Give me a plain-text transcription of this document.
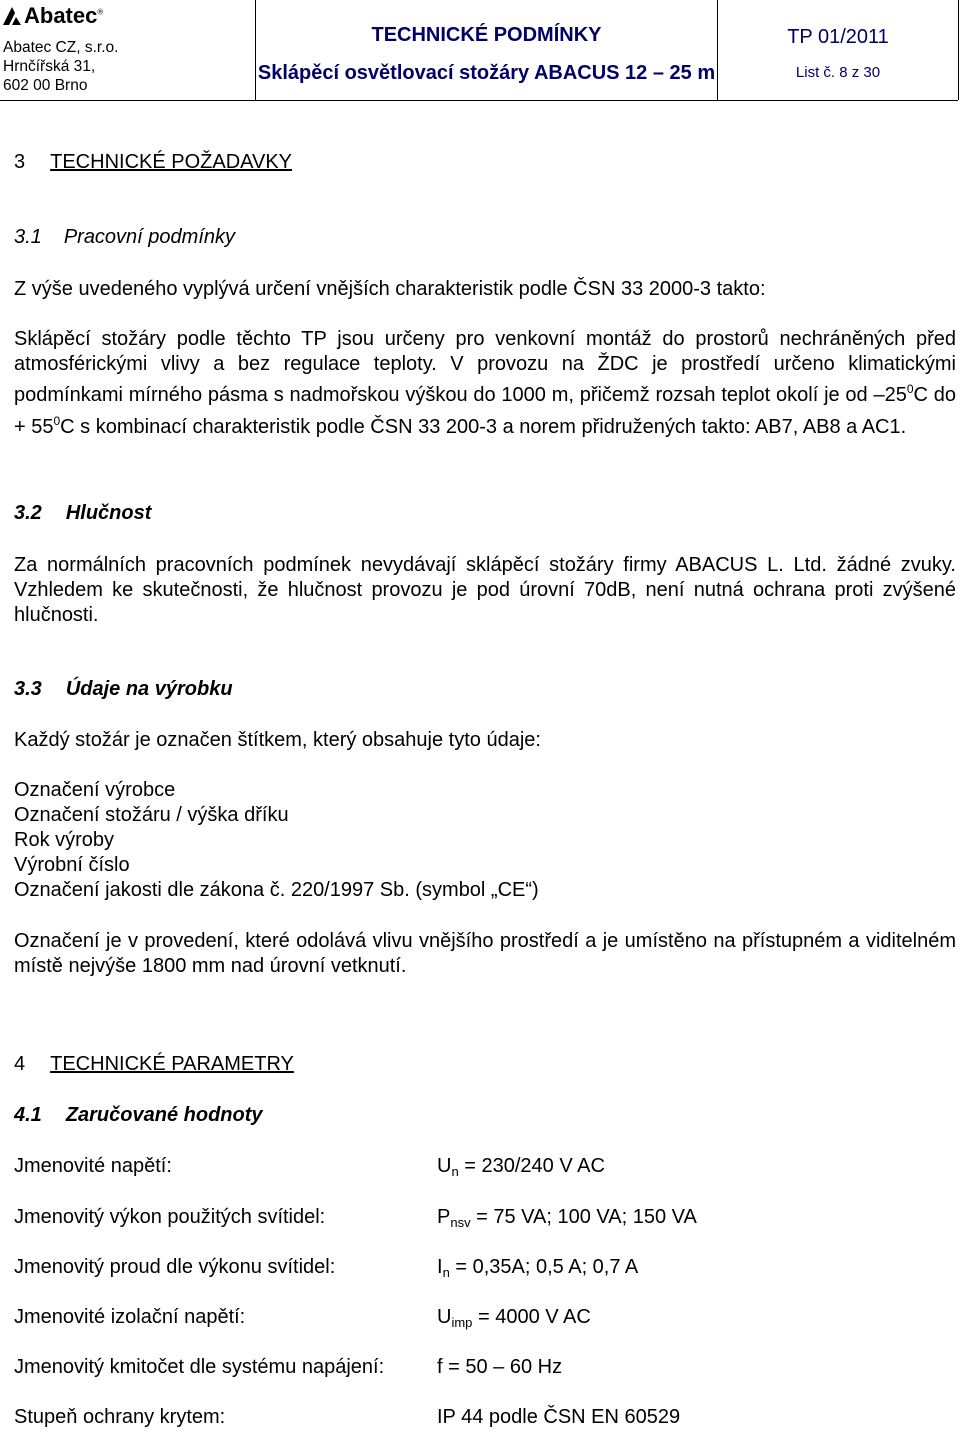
Abatec®
Abatec CZ, s.r.o.
Hrnčířská 31,
602 00 Brno
TECHNICKÉ PODMÍNKY
Sklápěcí osvětlovací stožáry ABACUS 12 – 25 m
TP 01/2011
List č. 8 z 30
3 TECHNICKÉ POŽADAVKY
3.1 Pracovní podmínky
Z výše uvedeného vyplývá určení vnějších charakteristik podle ČSN 33 2000-3 takto:
Sklápěcí stožáry podle těchto TP jsou určeny pro venkovní montáž do prostorů nechráněných před atmosférickými vlivy a bez regulace teploty. V provozu na ŽDC je prostředí určeno klimatickými podmínkami mírného pásma s nadmořskou výškou do 1000 m, přičemž rozsah teplot okolí je od $-25^0C$ do + $55^0C$ s kombinací charakteristik podle ČSN 33 200-3 a norem přidružených takto: AB7, AB8 a AC1.
3.2 Hlučnost
Za normálních pracovních podmínek nevydávají sklápěcí stožáry firmy ABACUS L. Ltd. žádné zvuky. Vzhledem ke skutečnosti, že hlučnost provozu je pod úrovní 70dB, není nutná ochrana proti zvýšené hlučnosti.
3.3 Údaje na výrobku
Každý stožár je označen štítkem, který obsahuje tyto údaje:
Označení výrobce
Označení stožáru / výška dříku
Rok výroby
Výrobní číslo
Označení jakosti dle zákona č. 220/1997 Sb. (symbol „CE“)
Označení je v provedení, které odolává vlivu vnějšího prostředí a je umístěno na přístupném a viditelném místě nejvýše 1800 mm nad úrovní vetknutí.
4 TECHNICKÉ PARAMETRY
4.1 Zaručované hodnoty
Jmenovité napětí:	$U_n = 230/240$ V AC
Jmenovitý výkon použitých svítidel:	$P_{nsv} = 75$ VA; 100 VA; 150 VA
Jmenovitý proud dle výkonu svítidel:	$I_n = 0,35A$; 0,5 A; 0,7 A
Jmenovité izolační napětí:	$U_{imp} = 4000$ V AC
Jmenovitý kmitočet dle systému napájení:	f = 50 – 60 Hz
Stupeň ochrany krytem:	IP 44 podle ČSN EN 60529
